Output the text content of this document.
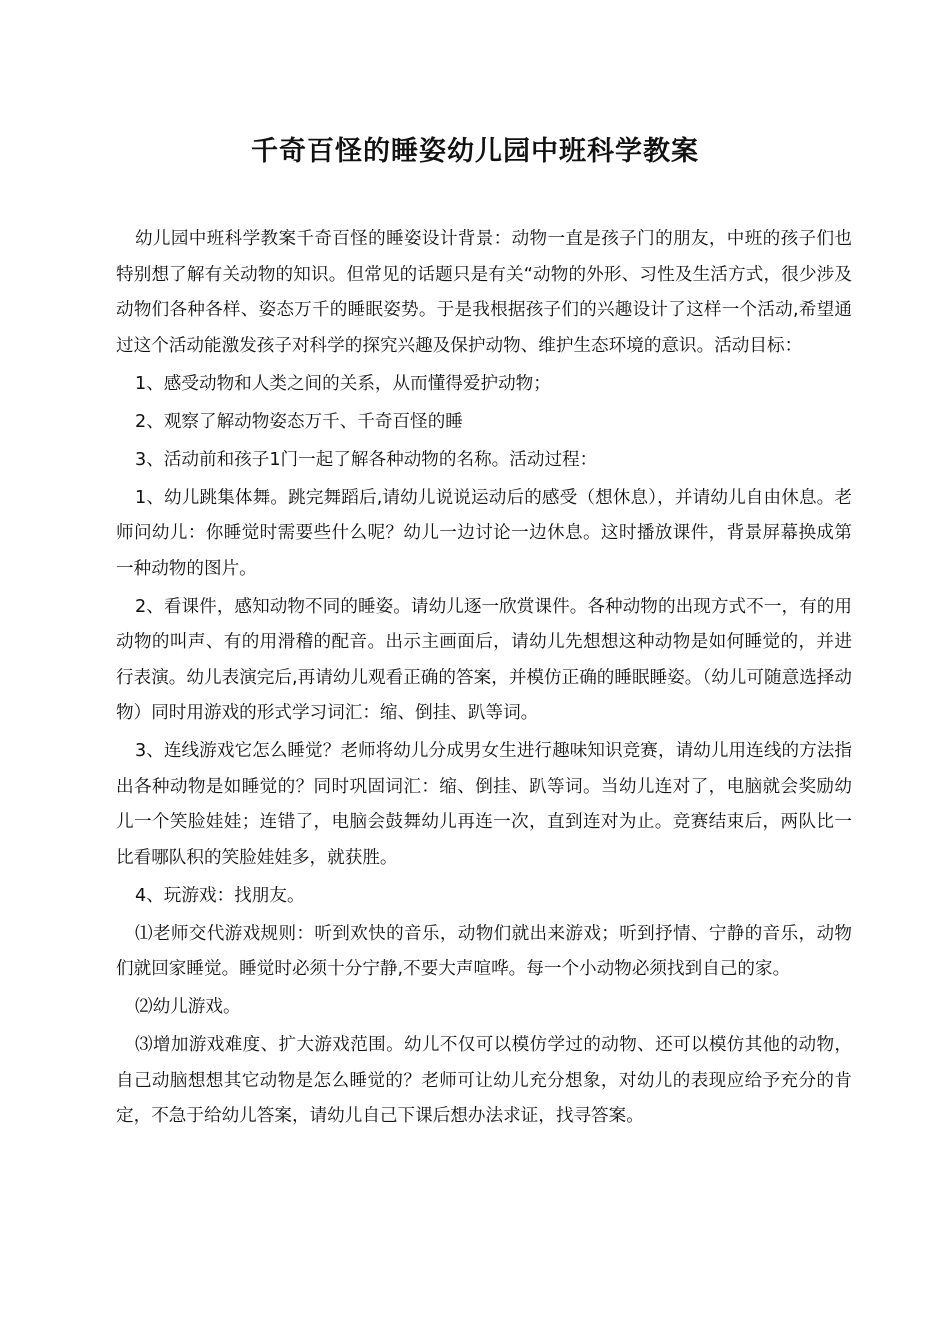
千奇百怪的睡姿幼儿园中班科学教案

幼儿园中班科学教案千奇百怪的睡姿设计背景：动物一直是孩子门的朋友，中班的孩子们也特别想了解有关动物的知识。但常见的话题只是有关“动物的外形、习性及生活方式，很少涉及动物们各种各样、姿态万千的睡眠姿势。于是我根据孩子们的兴趣设计了这样一个活动,希望通过这个活动能激发孩子对科学的探究兴趣及保护动物、维护生态环境的意识。活动目标：

1、感受动物和人类之间的关系，从而懂得爱护动物；

2、观察了解动物姿态万千、千奇百怪的睡

3、活动前和孩子1门一起了解各种动物的名称。活动过程：

1、幼儿跳集体舞。跳完舞蹈后,请幼儿说说运动后的感受（想休息），并请幼儿自由休息。老师问幼儿：你睡觉时需要些什么呢？幼儿一边讨论一边休息。这时播放课件，背景屏幕换成第一种动物的图片。

2、看课件，感知动物不同的睡姿。请幼儿逐一欣赏课件。各种动物的出现方式不一，有的用动物的叫声、有的用滑稽的配音。出示主画面后，请幼儿先想想这种动物是如何睡觉的，并进行表演。幼儿表演完后,再请幼儿观看正确的答案，并模仿正确的睡眠睡姿。（幼儿可随意选择动物）同时用游戏的形式学习词汇：缩、倒挂、趴等词。

3、连线游戏它怎么睡觉？老师将幼儿分成男女生进行趣味知识竞赛，请幼儿用连线的方法指出各种动物是如睡觉的？同时巩固词汇：缩、倒挂、趴等词。当幼儿连对了，电脑就会奖励幼儿一个笑脸娃娃；连错了，电脑会鼓舞幼儿再连一次，直到连对为止。竞赛结束后，两队比一比看哪队积的笑脸娃娃多，就获胜。

4、玩游戏：找朋友。

⑴老师交代游戏规则：听到欢快的音乐，动物们就出来游戏；听到抒情、宁静的音乐，动物们就回家睡觉。睡觉时必须十分宁静,不要大声喧哗。每一个小动物必须找到自己的家。

⑵幼儿游戏。

⑶增加游戏难度、扩大游戏范围。幼儿不仅可以模仿学过的动物、还可以模仿其他的动物，自己动脑想想其它动物是怎么睡觉的？老师可让幼儿充分想象，对幼儿的表现应给予充分的肯定，不急于给幼儿答案，请幼儿自己下课后想办法求证，找寻答案。
